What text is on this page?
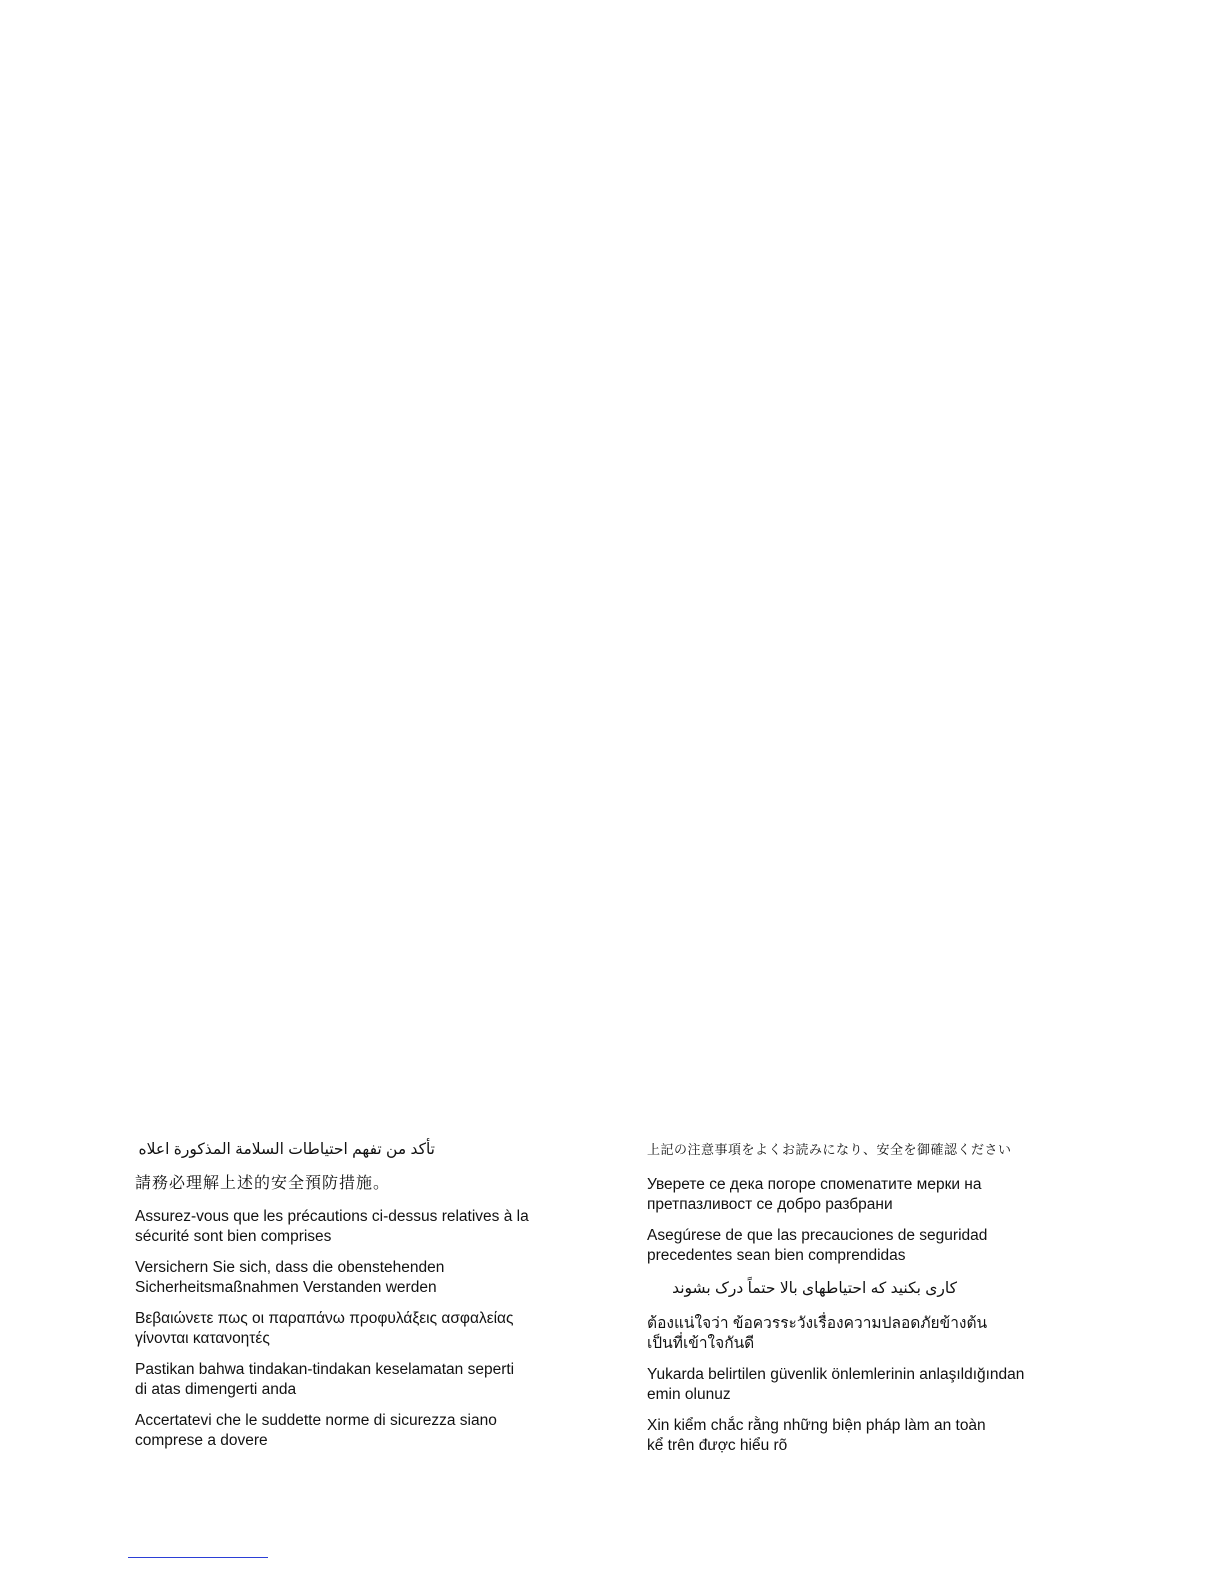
تأكد من تفهم احتياطات السلامة المذكورة اعلاه

請務必理解上述的安全預防措施。

Assurez-vous que les précautions ci-dessus relatives à la
sécurité sont bien comprises

Versichern Sie sich, dass die obenstehenden
Sicherheitsmaßnahmen Verstanden werden

Βεβαιώνετε πως οι παραπάνω προφυλάξεις ασφαλείας
γίνονται κατανοητές

Pastikan bahwa tindakan-tindakan keselamatan seperti
di atas dimengerti anda

Accertatevi che le suddette norme di sicurezza siano
comprese a dovere

上記の注意事項をよくお読みになり、安全を御確認ください

Уверете се дека погоре спомenатите мерки на
претпазливост се добро разбрани

Asegúrese de que las precauciones de seguridad
precedentes sean bien comprendidas

کاری بکنید که احتیاطهای بالا حتماً درک بشوند

ต้องแน่ใจว่า ข้อควรระวังเรื่องความปลอดภัยข้างต้น
เป็นที่เข้าใจกันดี

Yukarda belirtilen güvenlik önlemlerinin anlaşıldığından
emin olunuz

Xin kiểm chắc rằng những biện pháp làm an toàn
kể trên được hiểu rõ
